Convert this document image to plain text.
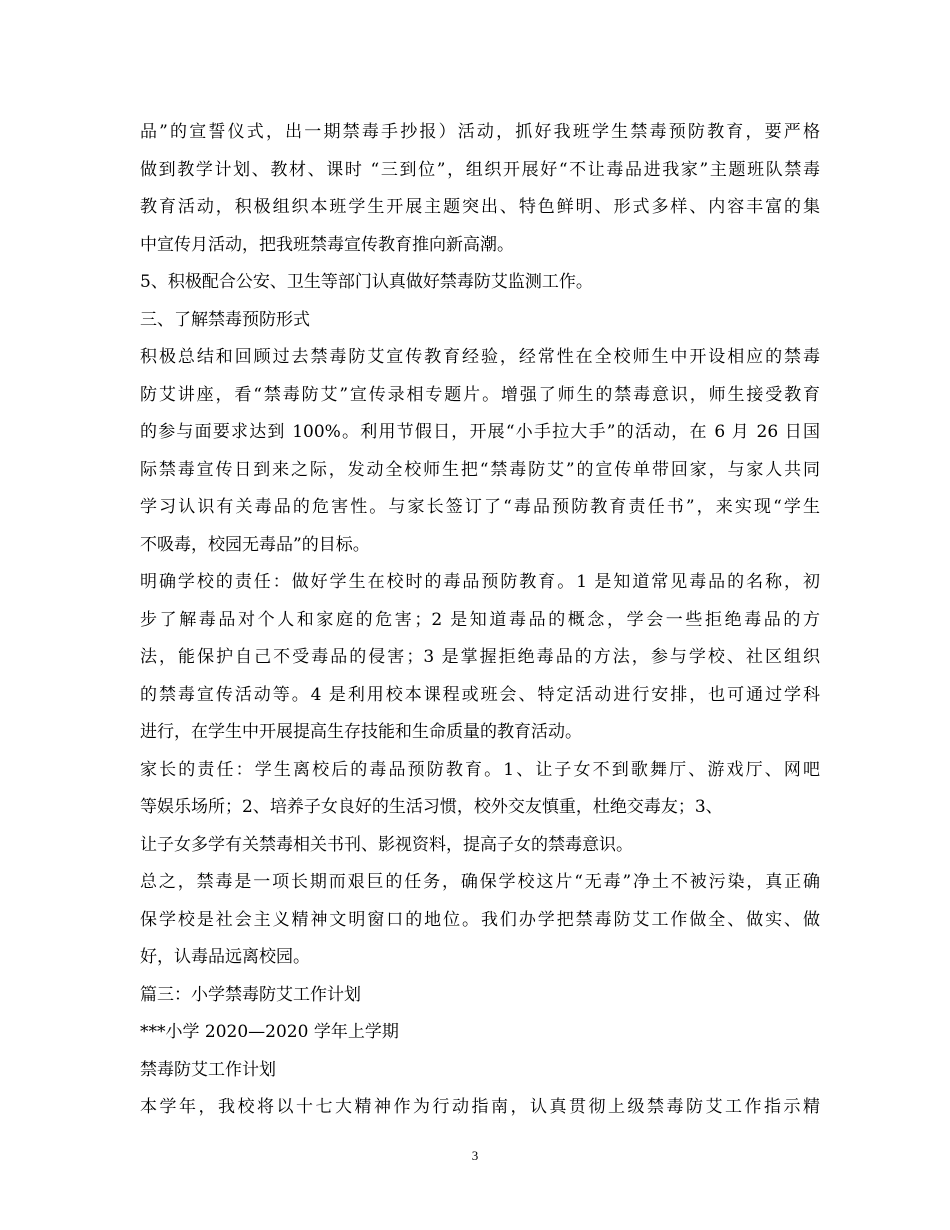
品”的宣誓仪式，出一期禁毒手抄报）活动，抓好我班学生禁毒预防教育，要严格
做到教学计划、教材、课时 “三到位”，组织开展好“不让毒品进我家”主题班队禁毒
教育活动，积极组织本班学生开展主题突出、特色鲜明、形式多样、内容丰富的集
中宣传月活动，把我班禁毒宣传教育推向新高潮。
5、积极配合公安、卫生等部门认真做好禁毒防艾监测工作。
三、了解禁毒预防形式
积极总结和回顾过去禁毒防艾宣传教育经验，经常性在全校师生中开设相应的禁毒
防艾讲座，看“禁毒防艾”宣传录相专题片。增强了师生的禁毒意识，师生接受教育
的参与面要求达到 100%。利用节假日，开展“小手拉大手”的活动，在 6 月 26 日国
际禁毒宣传日到来之际，发动全校师生把“禁毒防艾”的宣传单带回家，与家人共同
学习认识有关毒品的危害性。与家长签订了“毒品预防教育责任书”，来实现“学生
不吸毒，校园无毒品”的目标。
明确学校的责任：做好学生在校时的毒品预防教育。1 是知道常见毒品的名称，初
步了解毒品对个人和家庭的危害；2 是知道毒品的概念，学会一些拒绝毒品的方
法，能保护自己不受毒品的侵害；3 是掌握拒绝毒品的方法，参与学校、社区组织
的禁毒宣传活动等。4 是利用校本课程或班会、特定活动进行安排，也可通过学科
进行，在学生中开展提高生存技能和生命质量的教育活动。
家长的责任：学生离校后的毒品预防教育。1、让子女不到歌舞厅、游戏厅、网吧
等娱乐场所；2、培养子女良好的生活习惯，校外交友慎重，杜绝交毒友；3、
让子女多学有关禁毒相关书刊、影视资料，提高子女的禁毒意识。
总之，禁毒是一项长期而艰巨的任务，确保学校这片“无毒”净土不被污染，真正确
保学校是社会主义精神文明窗口的地位。我们办学把禁毒防艾工作做全、做实、做
好，认毒品远离校园。
篇三：小学禁毒防艾工作计划
***小学 2020—2020 学年上学期
禁毒防艾工作计划
本学年，我校将以十七大精神作为行动指南，认真贯彻上级禁毒防艾工作指示精
3
